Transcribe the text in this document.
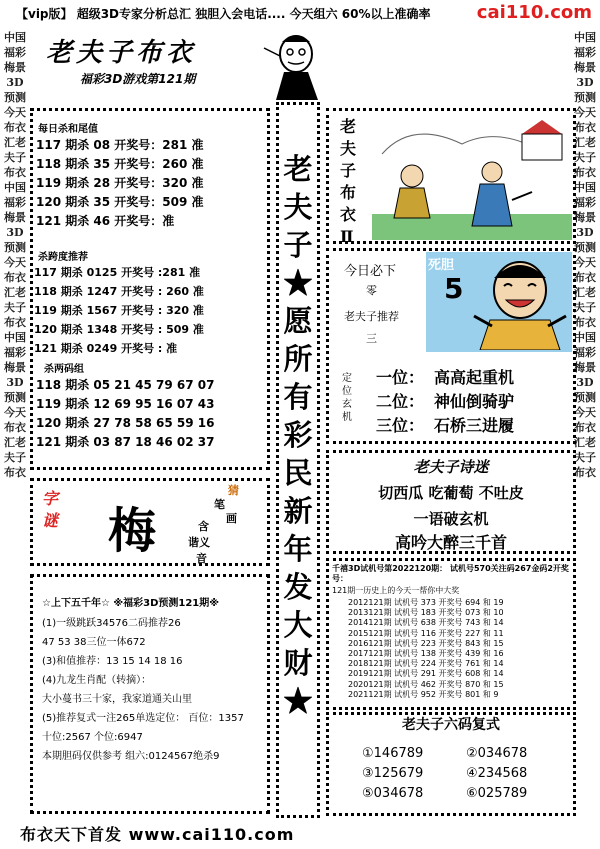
【vip版】 超级3D专家分析总汇 独胆入会电话.... 今天组六 60%以上准确率	cai110.com
中国福彩梅景3D预测今天布衣汇老夫子布衣中国福彩梅景3D预测今天布衣汇老夫子布衣中国福彩梅景3D预测今天布衣汇老夫子布衣
中国福彩梅景3D预测今天布衣汇老夫子布衣中国福彩梅景3D预测今天布衣汇老夫子布衣中国福彩梅景3D预测今天布衣汇老夫子布衣
老夫子布衣
福彩3D游戏第121期
每日杀和尾值
117 期杀 08 开奖号：281 准
118 期杀 35 开奖号：260 准
119 期杀 28 开奖号：320 准
120 期杀 35 开奖号：509 准
121 期杀 46 开奖号：准
杀跨度推荐
117 期杀 0125 开奖号 :281 准
118 期杀 1247 开奖号 : 260 准
119 期杀 1567 开奖号 : 320 准
120 期杀 1348 开奖号 : 509 准
121 期杀 0249 开奖号 : 准
杀两码组
118 期杀 05 21 45 79 67 07
119 期杀 12 69 95 16 07 43
120 期杀 27 78 58 65 59 16
121 期杀 03 87 18 46 02 37
字谜 梅
猜
笔
画
含
谐义
音
☆上下五千年☆ ※福彩3D预测121期※
(1)一级跳跃34576二码推荐26
47 53 38三位一体672
(3)和值推荐：13 15 14 18 16
(4)九龙生肖配（转摘）：
大小蔓书三十家，我家道通关山里
(5)推荐复式一注265单选定位： 百位：1357
十位:2567 个位:6947
本期胆码仅供参考 组六:0124567绝杀9
老夫子★愿所有彩民新年发大财★
老夫子布衣Ⅱ
今日必下
零
老夫子推荐
三
死胆
5
定位玄机
一位： 高高起重机
二位： 神仙倒骑驴
三位： 石桥三进履
老夫子诗迷
切西瓜 吃葡萄 不吐皮
一语破玄机
高吟大醉三千首
千禧3D试机号第2022120期： 试机号570关注码267金码2开奖号：
121期一历史上的今天一帮你中大奖
2012121期 试机号 373 开奖号 694 和 19
2013121期 试机号 183 开奖号 073 和 10
2014121期 试机号 638 开奖号 743 和 14
2015121期 试机号 116 开奖号 227 和 11
2016121期 试机号 223 开奖号 843 和 15
2017121期 试机号 138 开奖号 439 和 16
2018121期 试机号 224 开奖号 761 和 14
2019121期 试机号 291 开奖号 608 和 14
2020121期 试机号 462 开奖号 870 和 15
2021121期 试机号 952 开奖号 801 和 9
老夫子六码复式
①146789
③125679
⑤034678
②034678
④234568
⑥025789
布衣天下首发 www.cai110.com
